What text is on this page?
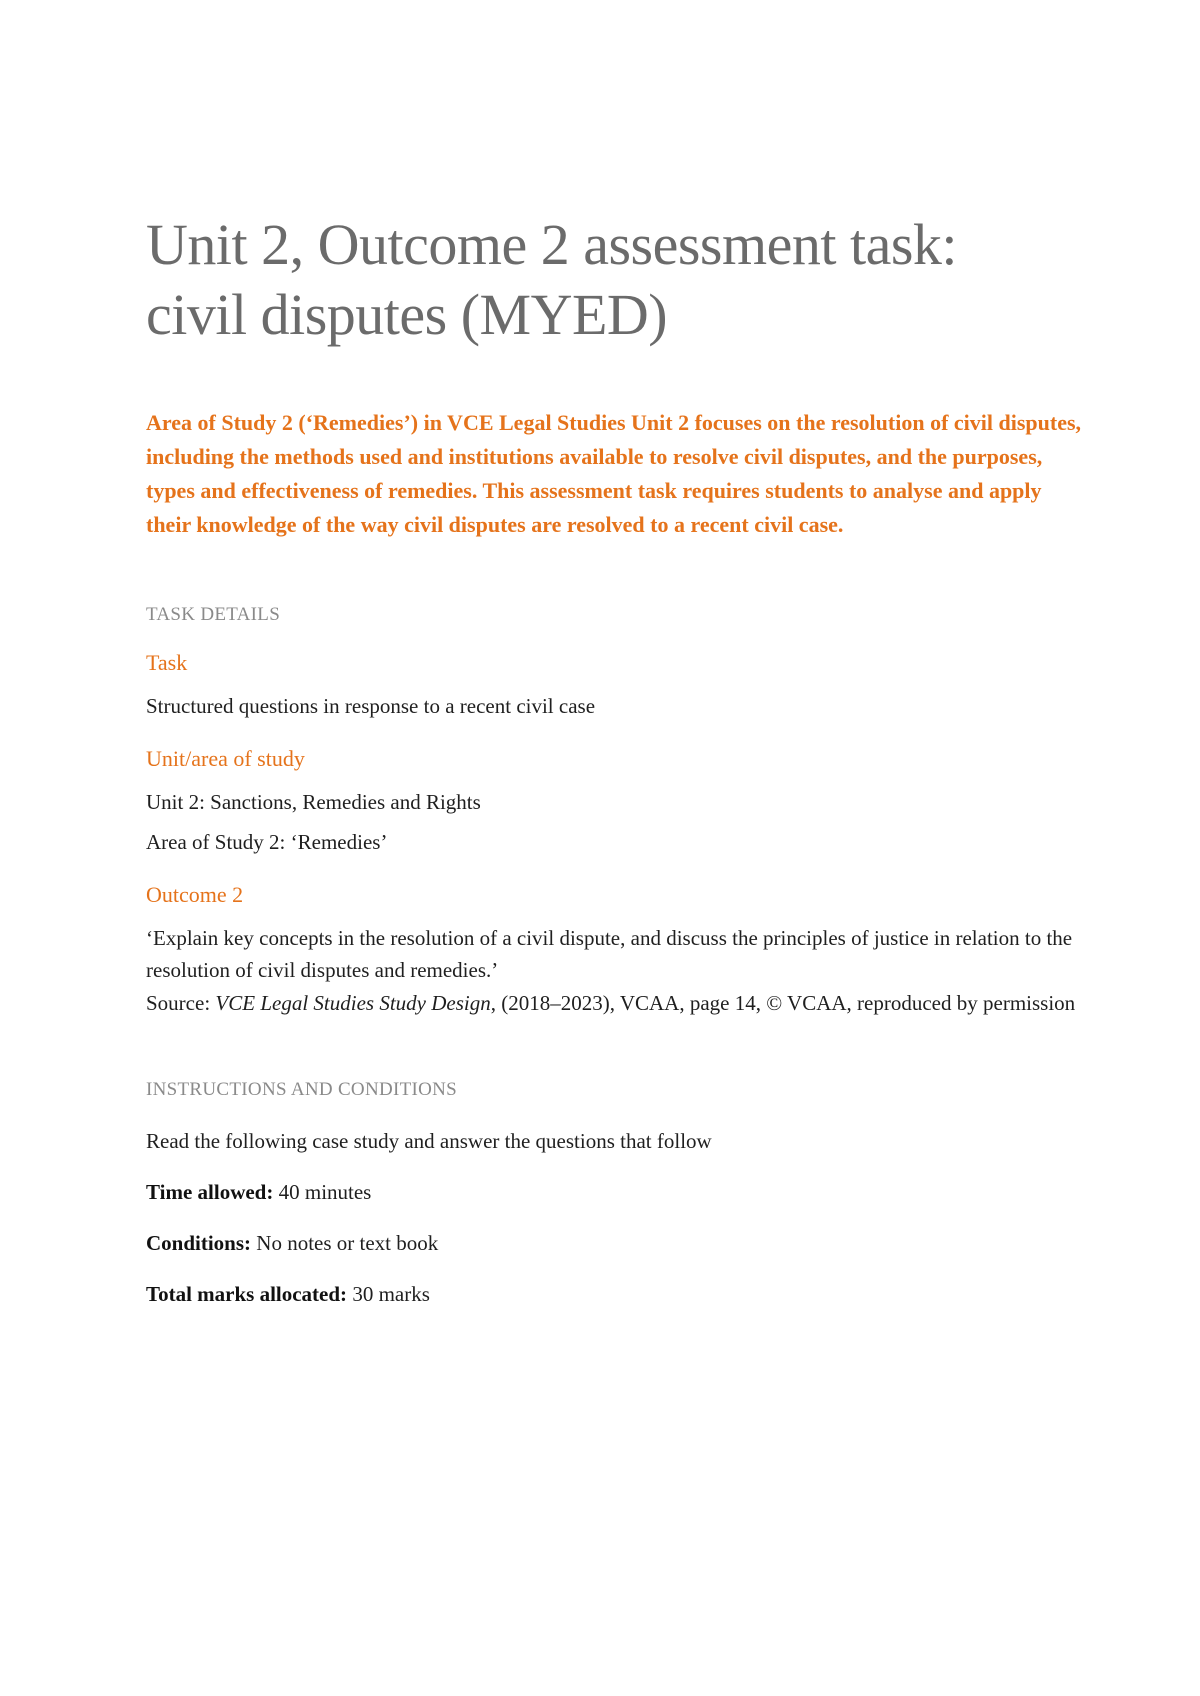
Unit 2, Outcome 2 assessment task:
civil disputes (MYED)
Area of Study 2 (‘Remedies’) in VCE Legal Studies Unit 2 focuses on the resolution of civil disputes, including the methods used and institutions available to resolve civil disputes, and the purposes, types and effectiveness of remedies. This assessment task requires students to analyse and apply their knowledge of the way civil disputes are resolved to a recent civil case.
TASK DETAILS
Task
Structured questions in response to a recent civil case
Unit/area of study
Unit 2: Sanctions, Remedies and Rights
Area of Study 2: ‘Remedies’
Outcome 2
‘Explain key concepts in the resolution of a civil dispute, and discuss the principles of justice in relation to the resolution of civil disputes and remedies.’
Source: VCE Legal Studies Study Design, (2018–2023), VCAA, page 14, © VCAA, reproduced by permission
INSTRUCTIONS AND CONDITIONS
Read the following case study and answer the questions that follow
Time allowed: 40 minutes
Conditions: No notes or text book
Total marks allocated: 30 marks
